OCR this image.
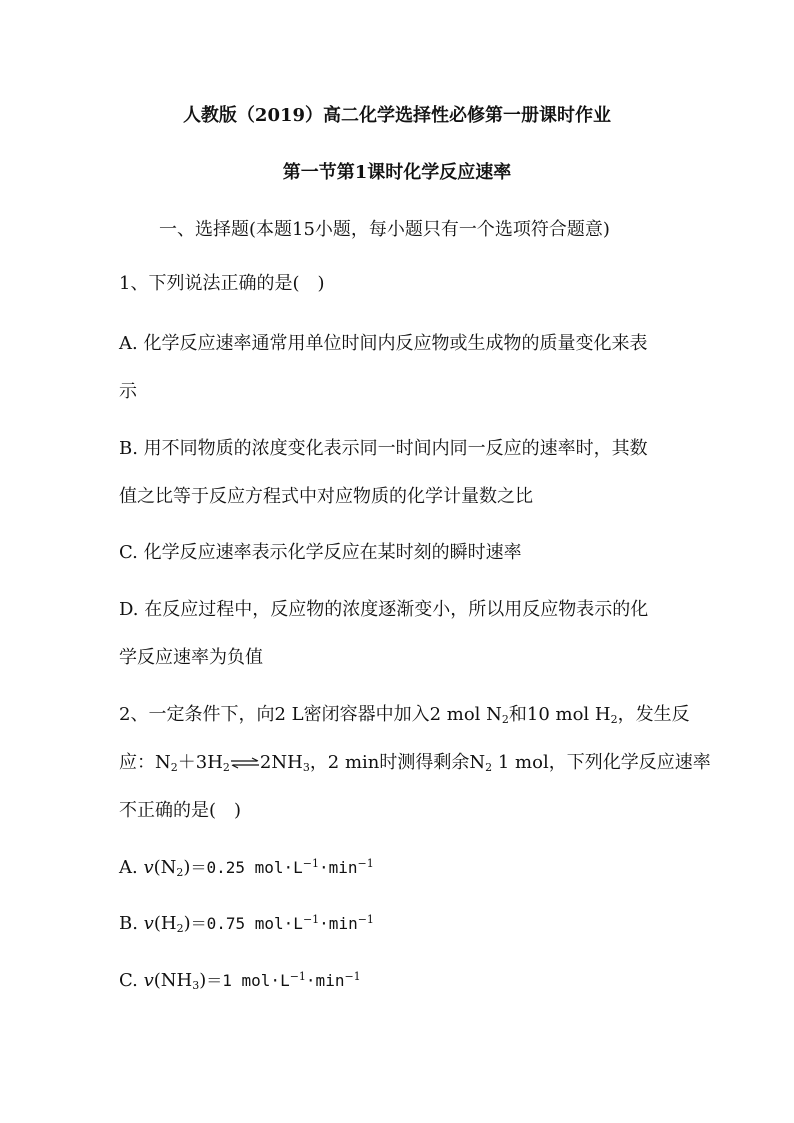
人教版（2019）高二化学选择性必修第一册课时作业
第一节第1课时化学反应速率
一、选择题(本题15小题，每小题只有一个选项符合题意)
1、下列说法正确的是(　)
A. 化学反应速率通常用单位时间内反应物或生成物的质量变化来表
示
B. 用不同物质的浓度变化表示同一时间内同一反应的速率时，其数
值之比等于反应方程式中对应物质的化学计量数之比
C. 化学反应速率表示化学反应在某时刻的瞬时速率
D. 在反应过程中，反应物的浓度逐渐变小，所以用反应物表示的化
学反应速率为负值
2、一定条件下，向2 L密闭容器中加入2 mol $N_2$和10 mol $H_2$，发生反
应：$N_2+3H_2\rightleftharpoons 2NH_3$，2 min时测得剩余$N_2$ 1 mol，下列化学反应速率
不正确的是(　)
A. $v(N_2)=0.25$ $mol\cdot L^{-1}\cdot\min^{-1}$
B. $v(H_2)=0.75$ $mol\cdot L^{-1}\cdot\min^{-1}$
C. $v(NH_3)=1$ $mol\cdot L^{-1}\cdot\min^{-1}$
